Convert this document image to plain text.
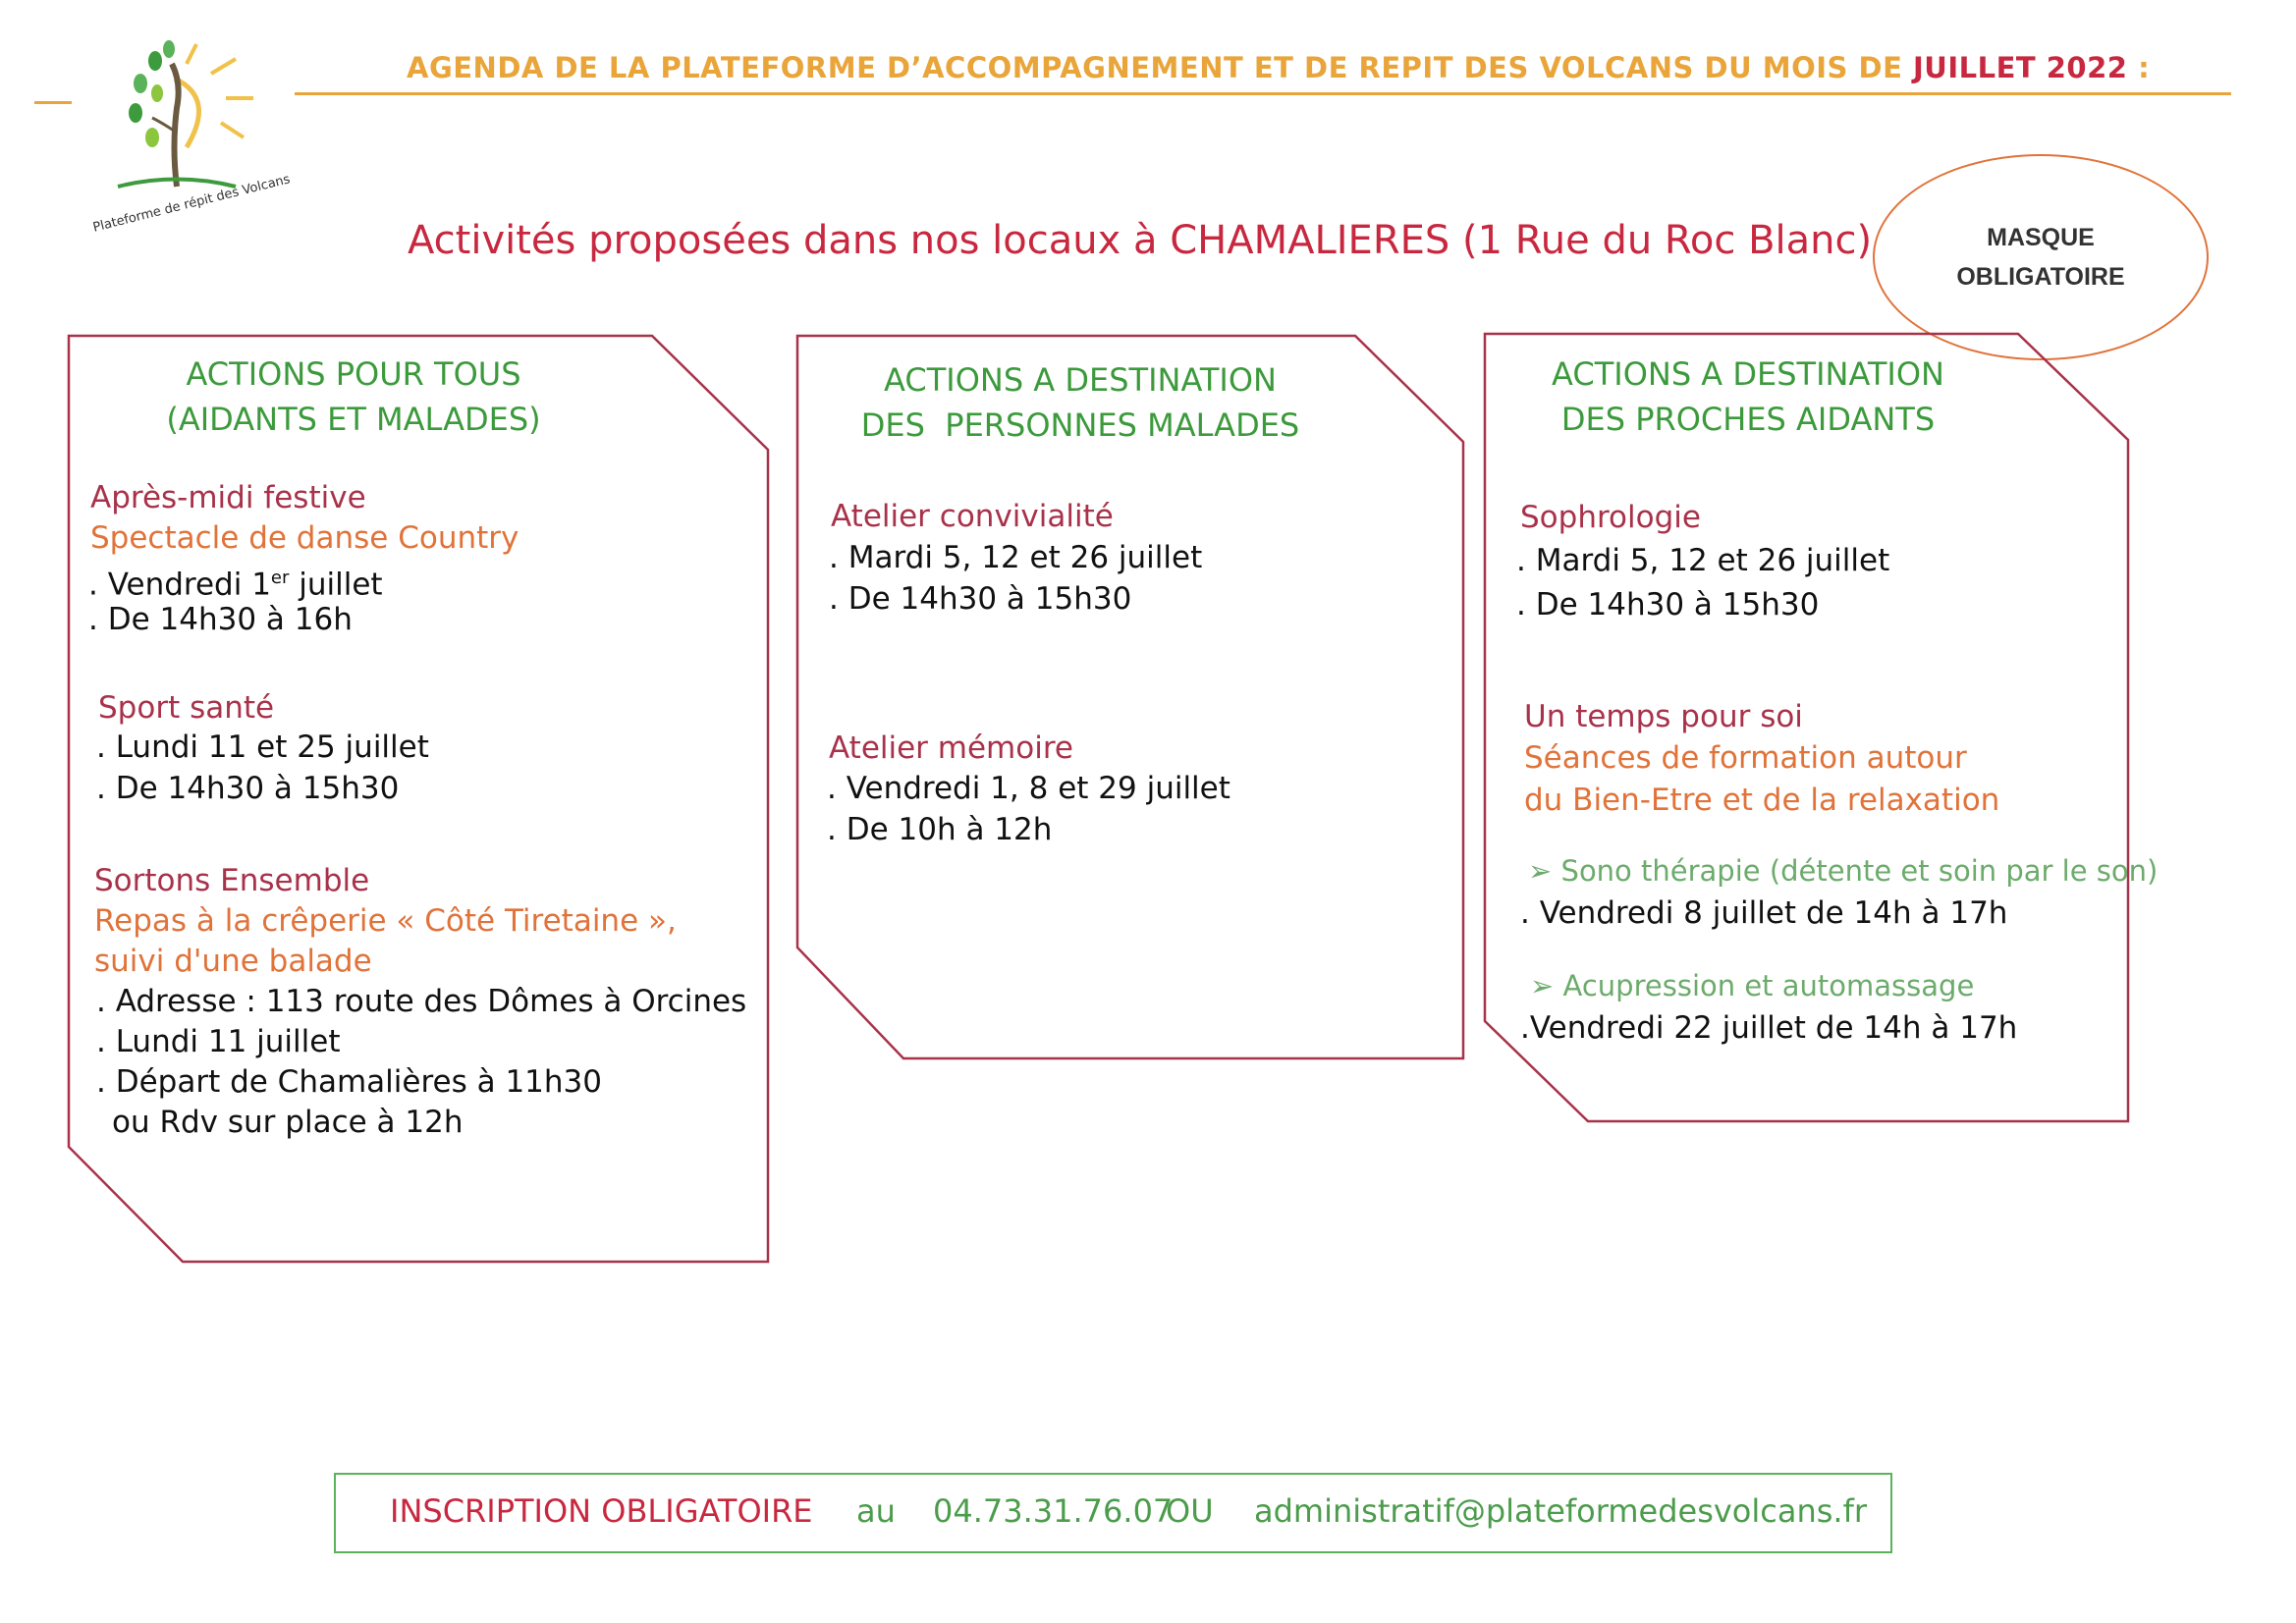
Plateforme de répit des Volcans
AGENDA DE LA PLATEFORME D’ACCOMPAGNEMENT ET DE REPIT DES VOLCANS DU MOIS DE JUILLET 2022 :
Activités proposées dans nos locaux à CHAMALIERES (1 Rue du Roc Blanc)	MASQUE
OBLIGATOIRE
ACTIONS POUR TOUS
(AIDANTS ET MALADES)
Après-midi festive
Spectacle de danse Country
. Vendredi 1er juillet
. De 14h30 à 16h
Sport santé
. Lundi 11 et 25 juillet
. De 14h30 à 15h30
Sortons Ensemble
Repas à la crêperie « Côté Tiretaine »,
suivi d'une balade
. Adresse : 113 route des Dômes à Orcines
. Lundi 11 juillet
. Départ de Chamalières à 11h30
ou Rdv sur place à 12h
ACTIONS A DESTINATION
DES  PERSONNES MALADES
Atelier convivialité
. Mardi 5, 12 et 26 juillet
. De 14h30 à 15h30
Atelier mémoire
. Vendredi 1, 8 et 29 juillet
. De 10h à 12h
ACTIONS A DESTINATION
DES PROCHES AIDANTS
Sophrologie
. Mardi 5, 12 et 26 juillet
. De 14h30 à 15h30
Un temps pour soi
Séances de formation autour
du Bien-Etre et de la relaxation
➢ Sono thérapie (détente et soin par le son)
. Vendredi 8 juillet de 14h à 17h
➢ Acupression et automassage
.Vendredi 22 juillet de 14h à 17h
INSCRIPTION OBLIGATOIRE au 04.73.31.76.07
OU administratif@plateformedesvolcans.fr
